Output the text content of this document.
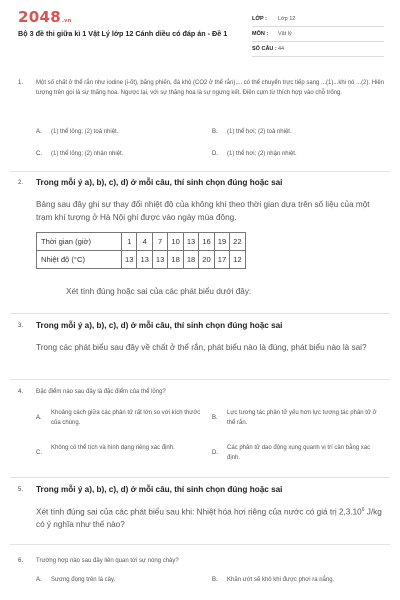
2048.vn
Bộ 3 đề thi giữa kì 1 Vật Lý lớp 12 Cánh diều có đáp án - Đề 1
LỚP :	Lớp 12
MÔN :	Vật lý
SỐ CÂU : 44
1. Một số chất ở thể rắn như iodine (i-ốt), băng phiến, đá khô (CO2 ở thể rắn),... có thể chuyển trực tiếp sang ...(1)...khi nó ...(2). Hiện tượng trên gọi là sự thăng hoa. Ngược lại, với sự thăng hoa là sự ngưng kết. Điền cụm từ thích hợp vào chỗ trống.
A. (1) thể lỏng; (2) toả nhiệt.	B. (1) thể hơi; (2) toả nhiệt.
C. (1) thể lỏng; (2) nhận nhiệt.	D. (1) thể hơi; (2) nhận nhiệt.
2. Trong mỗi ý a), b), c), d) ở mỗi câu, thí sinh chọn đúng hoặc sai
Bảng sau đây ghi sự thay đổi nhiệt độ của không khí theo thời gian dựa trên số liệu của một trạm khí tượng ở Hà Nội ghi được vào ngày mùa đông.
Thời gian (giờ)	1	4	7	10	13	16	19	22
Nhiệt độ (°C)	13	13	13	18	18	20	17	12
Xét tính đúng hoặc sai của các phát biểu dưới đây:
3. Trong mỗi ý a), b), c), d) ở mỗi câu, thí sinh chọn đúng hoặc sai
Trong các phát biểu sau đây về chất ở thể rắn, phát biểu nào là đúng, phát biểu nào là sai?
4. Đặc điểm nào sau đây là đặc điểm của thể lỏng?
A.
Khoảng cách giữa các phân tử rất lớn so với kích thước của chúng.
B.
Lực tương tác phân tử yếu hơn lực tương tác phân tử ở thể rắn.
C.
Không có thể tích và hình dạng riêng xác định.
D.
Các phân tử dao động xung quanh vị trí cân bằng xác định.
5. Trong mỗi ý a), b), c), d) ở mỗi câu, thí sinh chọn đúng hoặc sai
Xét tính đúng sai của các phát biểu sau khi: Nhiệt hóa hơi riêng của nước có giá trị 2,3.10$^6$ J/kg có ý nghĩa như thế nào?
6. Trường hợp nào sau đây liên quan tới sự nóng chảy?
A. Sương đọng trên lá cây.	B. Khăn ướt sẽ khô khi được phơi ra nắng.
